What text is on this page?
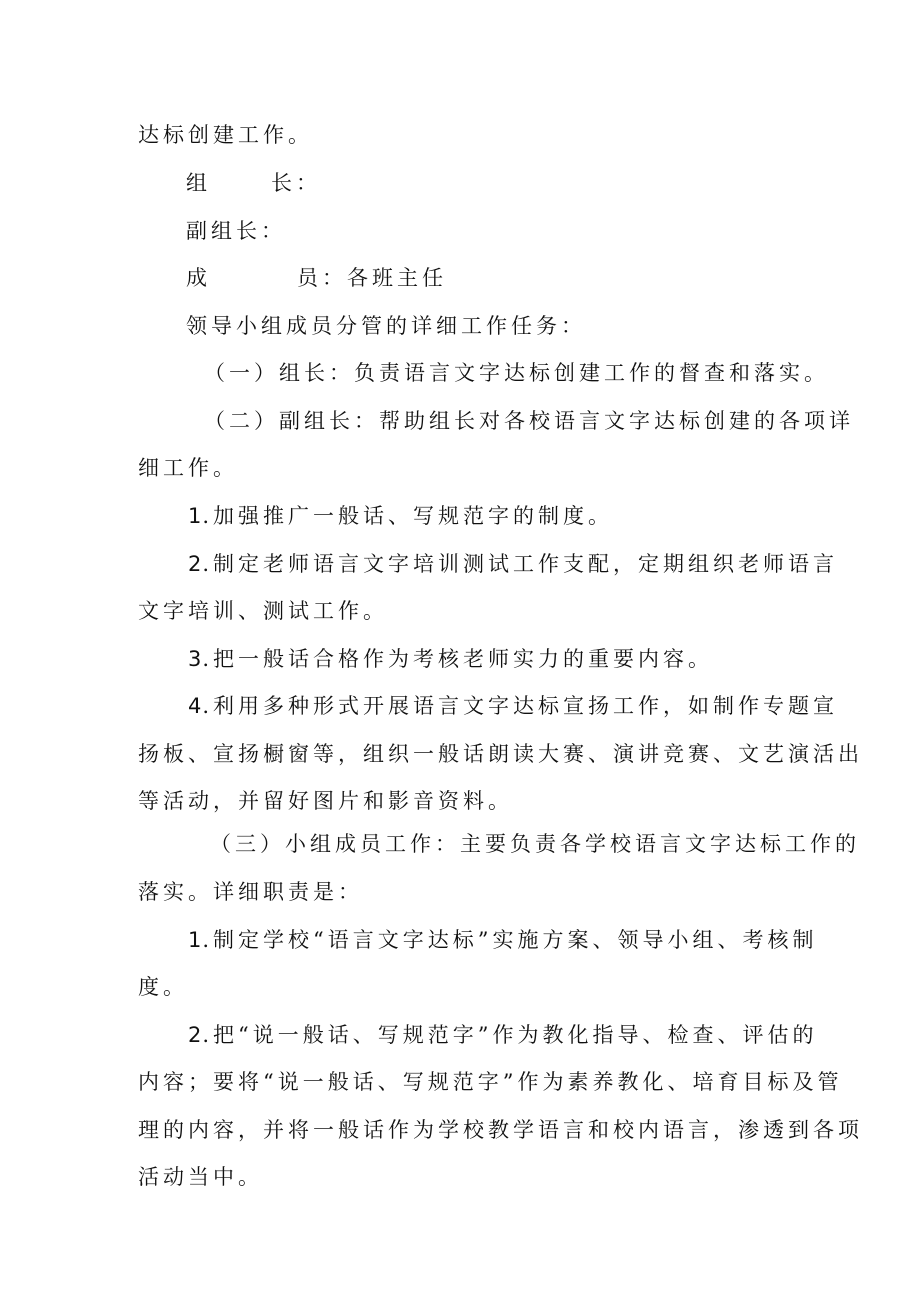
达标创建工作。
组	长：
副组长：
成	员：各班主任
领导小组成员分管的详细工作任务：
（一）组长：负责语言文字达标创建工作的督查和落实。
（二）副组长：帮助组长对各校语言文字达标创建的各项详
细工作。
1.加强推广一般话、写规范字的制度。
2.制定老师语言文字培训测试工作支配，定期组织老师语言
文字培训、测试工作。
3.把一般话合格作为考核老师实力的重要内容。
4.利用多种形式开展语言文字达标宣扬工作，如制作专题宣
扬板、宣扬橱窗等，组织一般话朗读大赛、演讲竞赛、文艺演活出
等活动，并留好图片和影音资料。
（三）小组成员工作：主要负责各学校语言文字达标工作的
落实。详细职责是：
1.制定学校“语言文字达标”实施方案、领导小组、考核制
度。
2.把“说一般话、写规范字”作为教化指导、检查、评估的
内容；要将“说一般话、写规范字”作为素养教化、培育目标及管
理的内容，并将一般话作为学校教学语言和校内语言，渗透到各项
活动当中。
